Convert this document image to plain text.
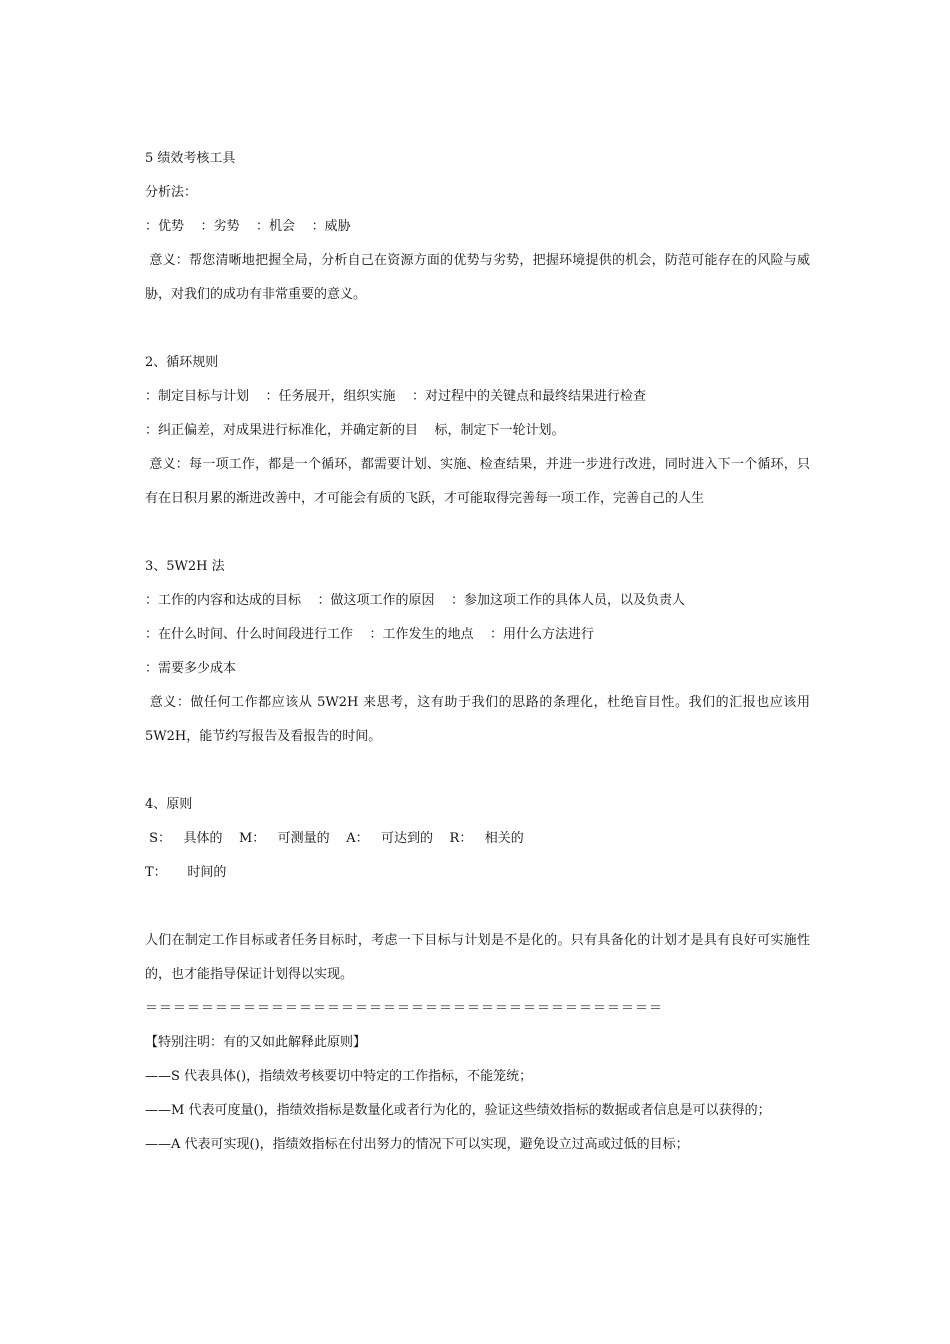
5 绩效考核工具
分析法：
：优势    ：劣势    ：机会    ：威胁
意义：帮您清晰地把握全局，分析自己在资源方面的优势与劣势，把握环境提供的机会，防范可能存在的风险与威胁，对我们的成功有非常重要的意义。
2、循环规则
：制定目标与计划    ：任务展开，组织实施    ：对过程中的关键点和最终结果进行检查
：纠正偏差，对成果进行标准化，并确定新的目    标，制定下一轮计划。
意义：每一项工作，都是一个循环，都需要计划、实施、检查结果，并进一步进行改进，同时进入下一个循环，只有在日积月累的渐进改善中，才可能会有质的飞跃，才可能取得完善每一项工作，完善自己的人生
3、5W2H 法
：工作的内容和达成的目标    ：做这项工作的原因    ：参加这项工作的具体人员，以及负责人
：在什么时间、什么时间段进行工作    ：工作发生的地点    ：用什么方法进行
：需要多少成本
意义：做任何工作都应该从 5W2H 来思考，这有助于我们的思路的条理化，杜绝盲目性。我们的汇报也应该用 5W2H，能节约写报告及看报告的时间。
4、原则
S：   具体的    M：   可测量的    A：   可达到的    R：   相关的
T：     时间的
人们在制定工作目标或者任务目标时，考虑一下目标与计划是不是化的。只有具备化的计划才是具有良好可实施性的，也才能指导保证计划得以实现。
＝＝＝＝＝＝＝＝＝＝＝＝＝＝＝＝＝＝＝＝＝＝＝＝＝＝＝＝＝＝＝＝＝＝＝＝＝
【特别注明：有的又如此解释此原则】
——S 代表具体()，指绩效考核要切中特定的工作指标，不能笼统；
——M 代表可度量()，指绩效指标是数量化或者行为化的，验证这些绩效指标的数据或者信息是可以获得的；
——A 代表可实现()，指绩效指标在付出努力的情况下可以实现，避免设立过高或过低的目标；
